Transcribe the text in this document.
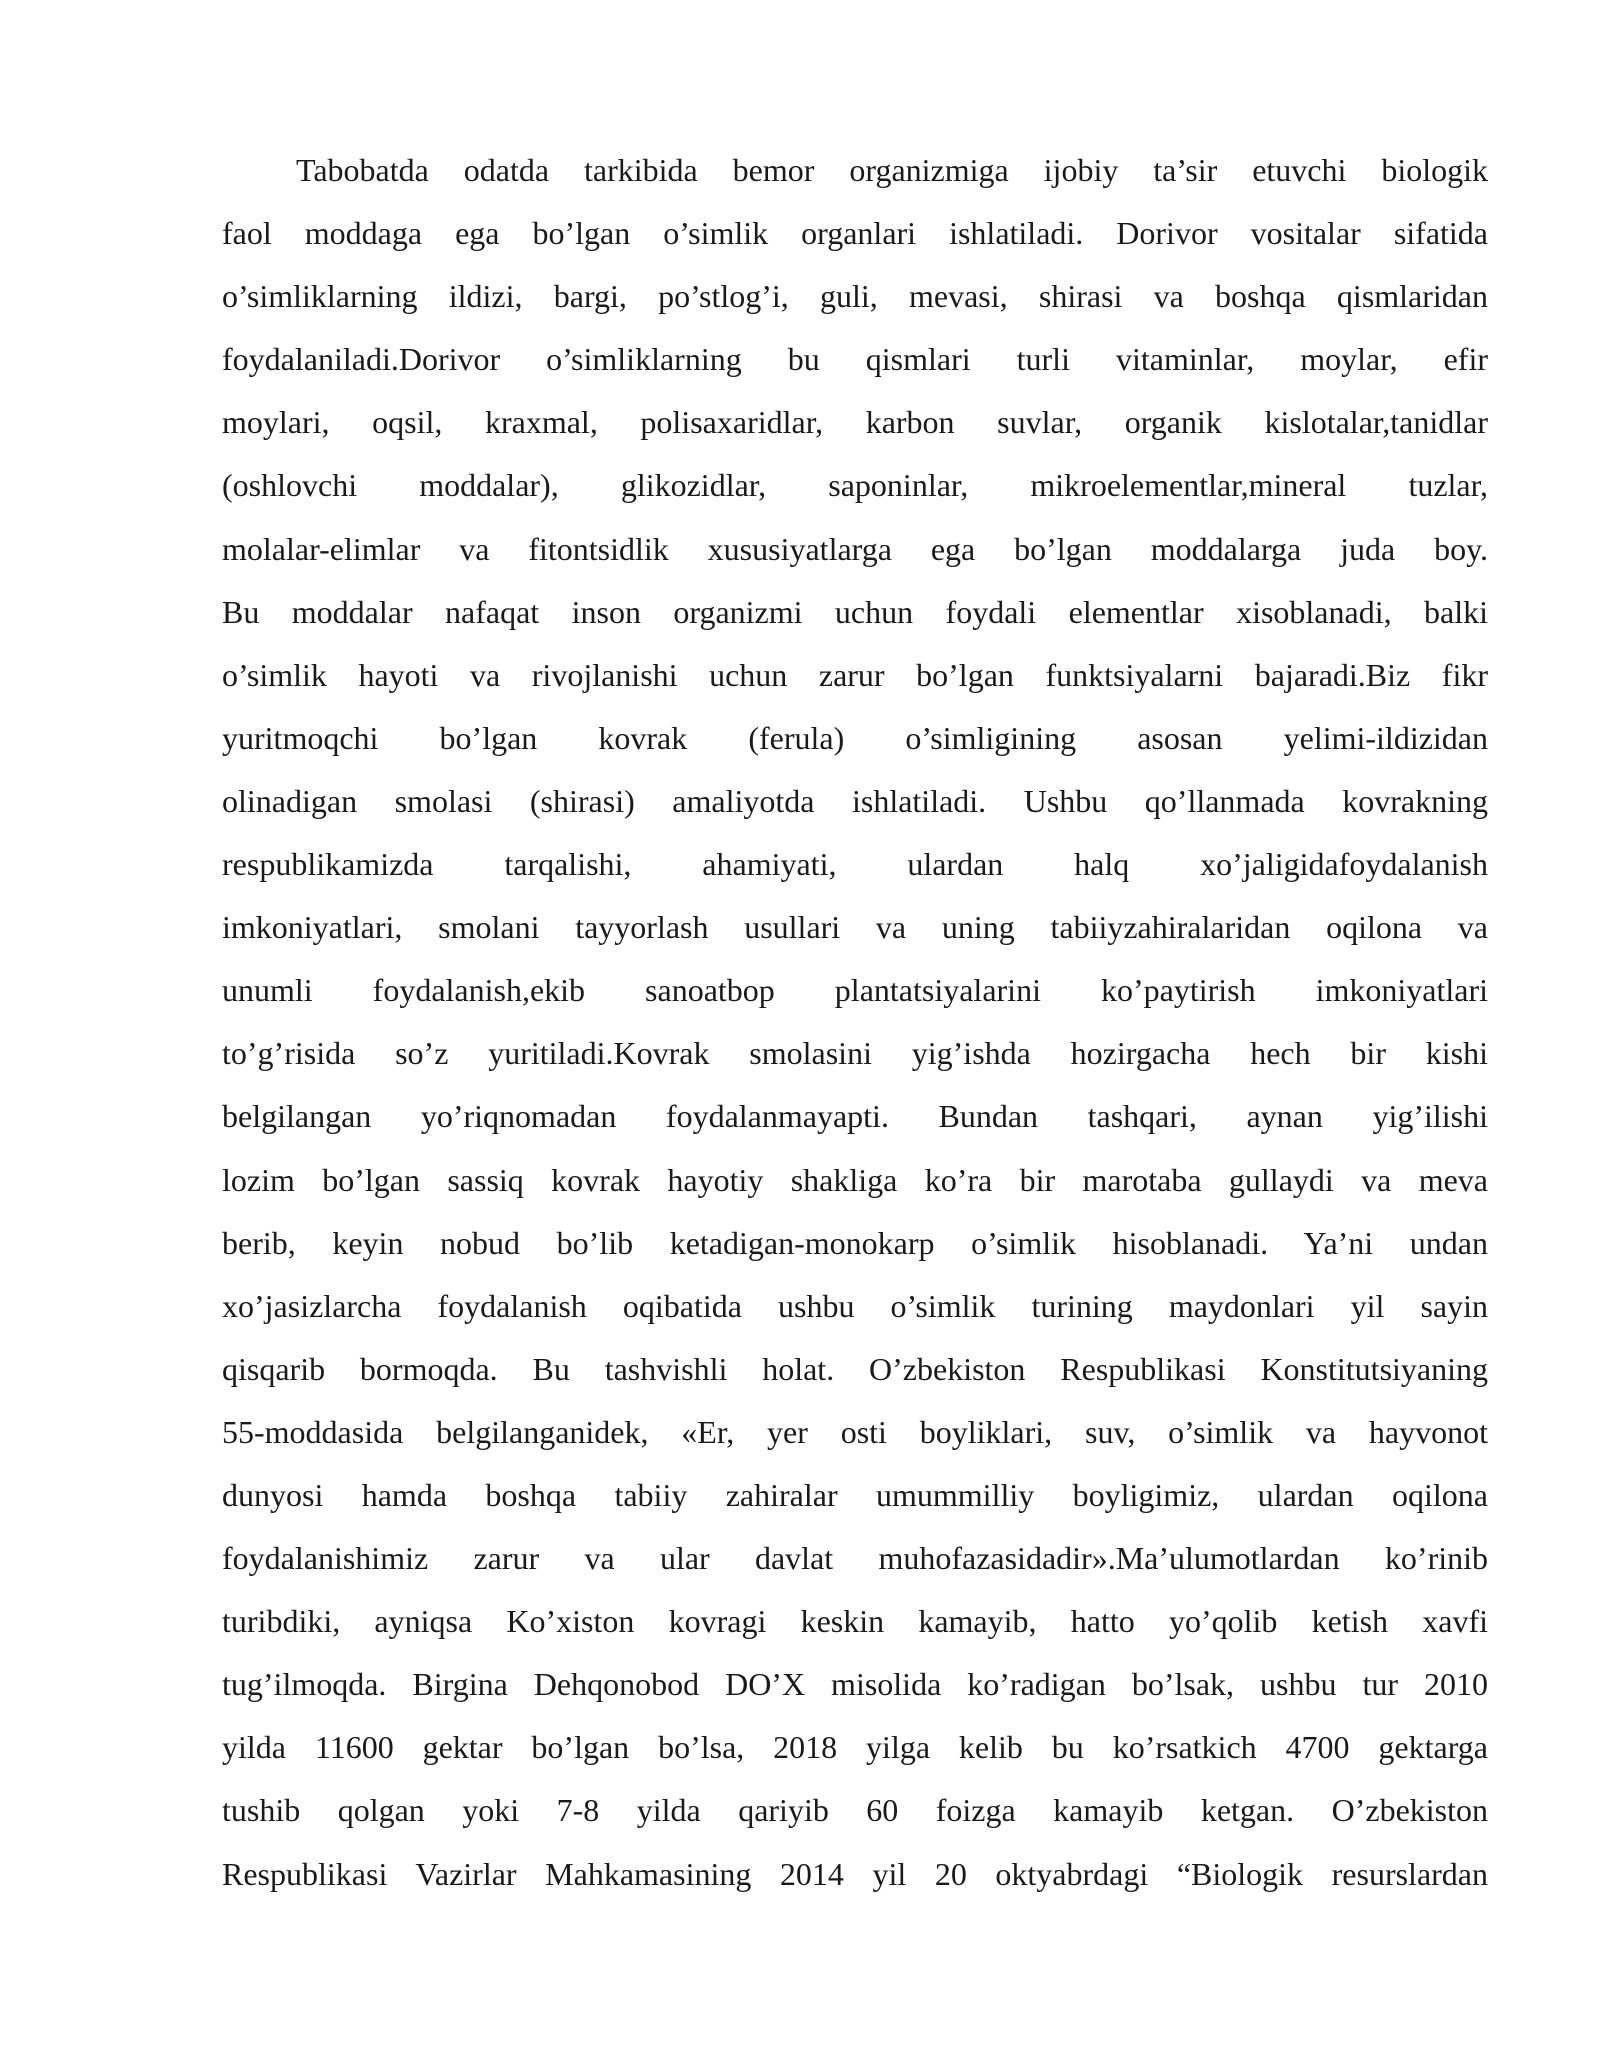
Tabobatda odatda tarkibida bemor organizmiga ijobiy ta’sir etuvchi biologik
faol moddaga ega bo’lgan o’simlik organlari ishlatiladi. Dorivor vositalar sifatida
o’simliklarning ildizi, bargi, po’stlog’i, guli, mevasi, shirasi va boshqa qismlaridan
foydalaniladi.Dorivor o’simliklarning bu qismlari turli vitaminlar, moylar, efir
moylari, oqsil, kraxmal, polisaxaridlar, karbon suvlar, organik kislotalar,tanidlar
(oshlovchi moddalar), glikozidlar, saponinlar, mikroelementlar,mineral tuzlar,
molalar-elimlar va fitontsidlik xususiyatlarga ega bo’lgan moddalarga juda boy.
Bu moddalar nafaqat inson organizmi uchun foydali elementlar xisoblanadi, balki
o’simlik hayoti va rivojlanishi uchun zarur bo’lgan funktsiyalarni bajaradi.Biz fikr
yuritmoqchi bo’lgan kovrak (ferula) o’simligining asosan yelimi-ildizidan
olinadigan smolasi (shirasi) amaliyotda ishlatiladi. Ushbu qo’llanmada kovrakning
respublikamizda tarqalishi, ahamiyati, ulardan halq xo’jaligidafoydalanish
imkoniyatlari, smolani tayyorlash usullari va uning tabiiyzahiralaridan oqilona va
unumli foydalanish,ekib sanoatbop plantatsiyalarini ko’paytirish imkoniyatlari
to’g’risida so’z yuritiladi.Kovrak smolasini yig’ishda hozirgacha hech bir kishi
belgilangan yo’riqnomadan foydalanmayapti. Bundan tashqari, aynan yig’ilishi
lozim bo’lgan sassiq kovrak hayotiy shakliga ko’ra bir marotaba gullaydi va meva
berib, keyin nobud bo’lib ketadigan-monokarp o’simlik hisoblanadi. Ya’ni undan
xo’jasizlarcha foydalanish oqibatida ushbu o’simlik turining maydonlari yil sayin
qisqarib bormoqda. Bu tashvishli holat. O’zbekiston Respublikasi Konstitutsiyaning
55-moddasida belgilanganidek, «Er, yer osti boyliklari, suv, o’simlik va hayvonot
dunyosi hamda boshqa tabiiy zahiralar umummilliy boyligimiz, ulardan oqilona
foydalanishimiz zarur va ular davlat muhofazasidadir».Ma’ulumotlardan ko’rinib
turibdiki, ayniqsa Ko’xiston kovragi keskin kamayib, hatto yo’qolib ketish xavfi
tug’ilmoqda. Birgina Dehqonobod DO’X misolida ko’radigan bo’lsak, ushbu tur 2010
yilda 11600 gektar bo’lgan bo’lsa, 2018 yilga kelib bu ko’rsatkich 4700 gektarga
tushib qolgan yoki 7-8 yilda qariyib 60 foizga kamayib ketgan. O’zbekiston
Respublikasi Vazirlar Mahkamasining 2014 yil 20 oktyabrdagi “Biologik resurslardan
